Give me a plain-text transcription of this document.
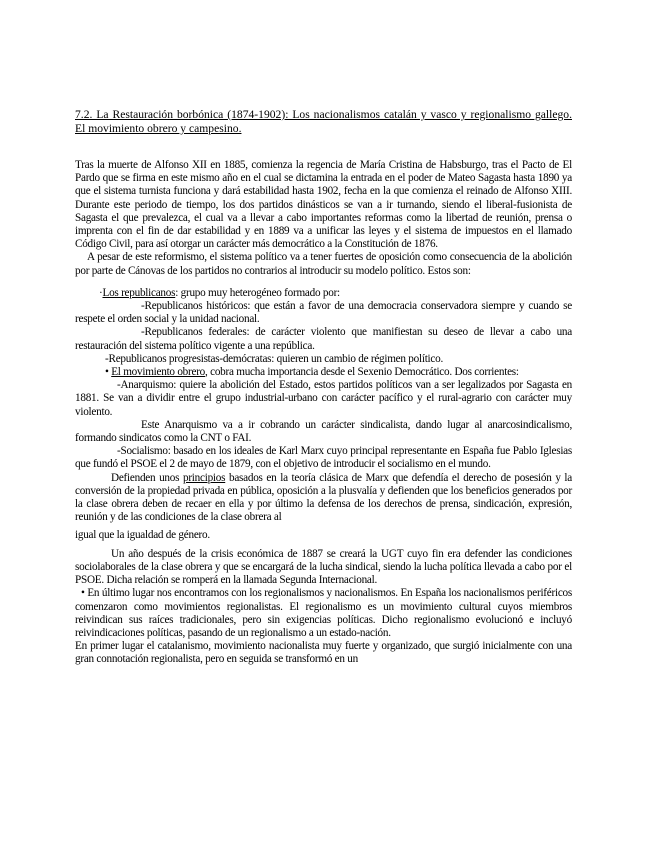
7.2. La Restauración borbónica (1874-1902): Los nacionalismos catalán y vasco y regionalismo gallego. El movimiento obrero y campesino.

Tras la muerte de Alfonso XII en 1885, comienza la regencia de María Cristina de Habsburgo, tras el Pacto de El Pardo que se firma en este mismo año en el cual se dictamina la entrada en el poder de Mateo Sagasta hasta 1890 ya que el sistema turnista funciona y dará estabilidad hasta 1902, fecha en la que comienza el reinado de Alfonso XIII. Durante este periodo de tiempo, los dos partidos dinásticos se van a ir turnando, siendo el liberal-fusionista de Sagasta el que prevalezca, el cual va a llevar a cabo importantes reformas como la libertad de reunión, prensa o imprenta con el fin de dar estabilidad y en 1889 va a unificar las leyes y el sistema de impuestos en el llamado Código Civil, para así otorgar un carácter más democrático a la Constitución de 1876.

A pesar de este reformismo, el sistema político va a tener fuertes de oposición como consecuencia de la abolición por parte de Cánovas de los partidos no contrarios al introducir su modelo político. Estos son:

·Los republicanos: grupo muy heterogéneo formado por:

-Republicanos históricos: que están a favor de una democracia conservadora siempre y cuando se respete el orden social y la unidad nacional.

-Republicanos federales: de carácter violento que manifiestan su deseo de llevar a cabo una restauración del sistema político vigente a una república.

-Republicanos progresistas-demócratas: quieren un cambio de régimen político.

• El movimiento obrero, cobra mucha importancia desde el Sexenio Democrático. Dos corrientes:

-Anarquismo: quiere la abolición del Estado, estos partidos políticos van a ser legalizados por Sagasta en 1881. Se van a dividir entre el grupo industrial-urbano con carácter pacífico y el rural-agrario con carácter muy violento.

Este Anarquismo va a ir cobrando un carácter sindicalista, dando lugar al anarcosindicalismo, formando sindicatos como la CNT o FAI.

-Socialismo: basado en los ideales de Karl Marx cuyo principal representante en España fue Pablo Iglesias que fundó el PSOE el 2 de mayo de 1879, con el objetivo de introducir el socialismo en el mundo.

Defienden unos principios basados en la teoría clásica de Marx que defendía el derecho de posesión y la conversión de la propiedad privada en pública, oposición a la plusvalía y defienden que los beneficios generados por la clase obrera deben de recaer en ella y por último la defensa de los derechos de prensa, sindicación, expresión, reunión y de las condiciones de la clase obrera al

igual que la igualdad de género.

Un año después de la crisis económica de 1887 se creará la UGT cuyo fin era defender las condiciones sociolaborales de la clase obrera y que se encargará de la lucha sindical, siendo la lucha política llevada a cabo por el PSOE. Dicha relación se romperá en la llamada Segunda Internacional.

• En último lugar nos encontramos con los regionalismos y nacionalismos. En España los nacionalismos periféricos comenzaron como movimientos regionalistas. El regionalismo es un movimiento cultural cuyos miembros reivindican sus raíces tradicionales, pero sin exigencias políticas. Dicho regionalismo evolucionó e incluyó reivindicaciones políticas, pasando de un regionalismo a un estado-nación.

En primer lugar el catalanismo, movimiento nacionalista muy fuerte y organizado, que surgió inicialmente con una gran connotación regionalista, pero en seguida se transformó en un
